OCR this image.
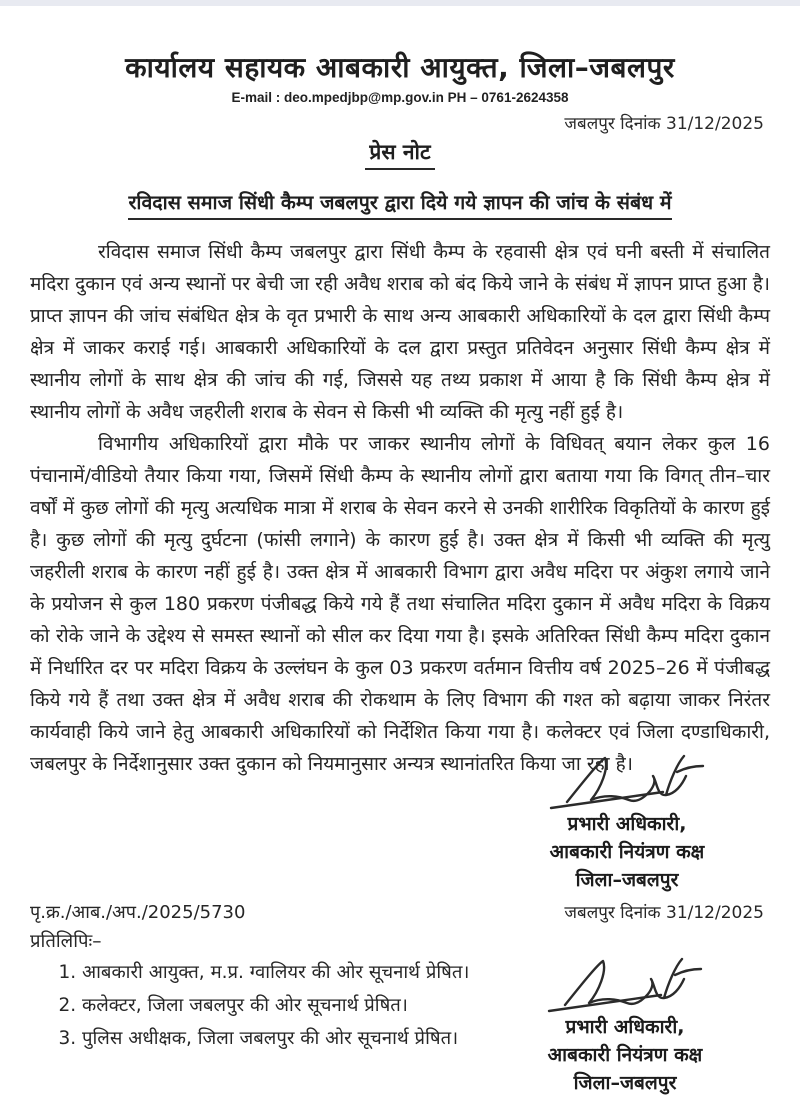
कार्यालय सहायक आबकारी आयुक्त, जिला–जबलपुर
E-mail : deo.mpedjbp@mp.gov.in PH – 0761-2624358
जबलपुर दिनांक 31/12/2025
प्रेस नोट
रविदास समाज सिंधी कैम्प जबलपुर द्वारा दिये गये ज्ञापन की जांच के संबंध में

रविदास समाज सिंधी कैम्प जबलपुर द्वारा सिंधी कैम्प के रहवासी क्षेत्र एवं घनी बस्ती में संचालित मदिरा दुकान एवं अन्य स्थानों पर बेची जा रही अवैध शराब को बंद किये जाने के संबंध में ज्ञापन प्राप्त हुआ है। प्राप्त ज्ञापन की जांच संबंधित क्षेत्र के वृत प्रभारी के साथ अन्य आबकारी अधिकारियों के दल द्वारा सिंधी कैम्प क्षेत्र में जाकर कराई गई। आबकारी अधिकारियों के दल द्वारा प्रस्तुत प्रतिवेदन अनुसार सिंधी कैम्प क्षेत्र में स्थानीय लोगों के साथ क्षेत्र की जांच की गई, जिससे यह तथ्य प्रकाश में आया है कि सिंधी कैम्प क्षेत्र में स्थानीय लोगों के अवैध जहरीली शराब के सेवन से किसी भी व्यक्ति की मृत्यु नहीं हुई है।

विभागीय अधिकारियों द्वारा मौके पर जाकर स्थानीय लोगों के विधिवत् बयान लेकर कुल 16 पंचानामें/वीडियो तैयार किया गया, जिसमें सिंधी कैम्प के स्थानीय लोगों द्वारा बताया गया कि विगत् तीन–चार वर्षों में कुछ लोगों की मृत्यु अत्यधिक मात्रा में शराब के सेवन करने से उनकी शारीरिक विकृतियों के कारण हुई है। कुछ लोगों की मृत्यु दुर्घटना (फांसी लगाने) के कारण हुई है। उक्त क्षेत्र में किसी भी व्यक्ति की मृत्यु जहरीली शराब के कारण नहीं हुई है। उक्त क्षेत्र में आबकारी विभाग द्वारा अवैध मदिरा पर अंकुश लगाये जाने के प्रयोजन से कुल 180 प्रकरण पंजीबद्ध किये गये हैं तथा संचालित मदिरा दुकान में अवैध मदिरा के विक्रय को रोके जाने के उद्देश्य से समस्त स्थानों को सील कर दिया गया है। इसके अतिरिक्त सिंधी कैम्प मदिरा दुकान में निर्धारित दर पर मदिरा विक्रय के उल्लंघन के कुल 03 प्रकरण वर्तमान वित्तीय वर्ष 2025–26 में पंजीबद्ध किये गये हैं तथा उक्त क्षेत्र में अवैध शराब की रोकथाम के लिए विभाग की गश्त को बढ़ाया जाकर निरंतर कार्यवाही किये जाने हेतु आबकारी अधिकारियों को निर्देशित किया गया है। कलेक्टर एवं जिला दण्डाधिकारी, जबलपुर के निर्देशानुसार उक्त दुकान को नियमानुसार अन्यत्र स्थानांतरित किया जा रहा है।

प्रभारी अधिकारी,
आबकारी नियंत्रण कक्ष
जिला–जबलपुर
पृ.क्र./आब./अप./2025/5730	जबलपुर दिनांक 31/12/2025
प्रतिलिपिः–
1. आबकारी आयुक्त, म.प्र. ग्वालियर की ओर सूचनार्थ प्रेषित।
2. कलेक्टर, जिला जबलपुर की ओर सूचनार्थ प्रेषित।
3. पुलिस अधीक्षक, जिला जबलपुर की ओर सूचनार्थ प्रेषित।
प्रभारी अधिकारी,
आबकारी नियंत्रण कक्ष
जिला–जबलपुर
